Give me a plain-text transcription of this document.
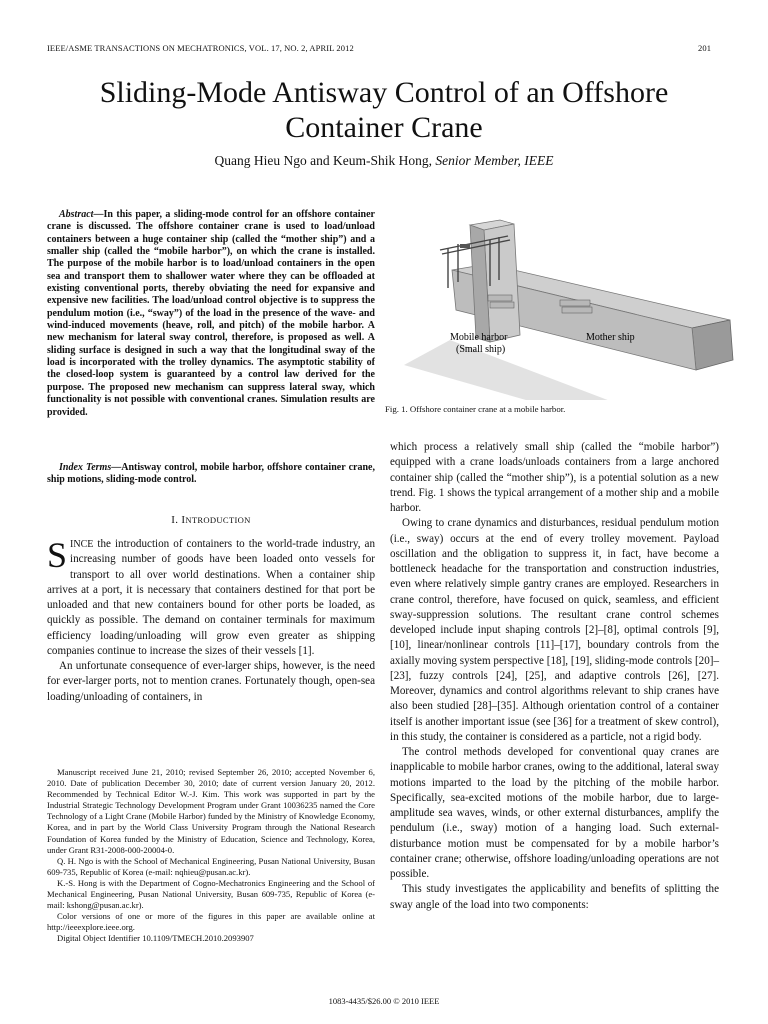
IEEE/ASME TRANSACTIONS ON MECHATRONICS, VOL. 17, NO. 2, APRIL 2012	201
Sliding-Mode Antisway Control of an Offshore
Container Crane
Quang Hieu Ngo and Keum-Shik Hong, Senior Member, IEEE
Abstract—In this paper, a sliding-mode control for an offshore container crane is discussed. The offshore container crane is used to load/unload containers between a huge container ship (called the “mother ship”) and a smaller ship (called the “mobile harbor”), on which the crane is installed. The purpose of the mobile harbor is to load/unload containers in the open sea and transport them to shallower water where they can be offloaded at existing conventional ports, thereby obviating the need for expansive and expensive new facilities. The load/unload control objective is to suppress the pendulum motion (i.e., “sway”) of the load in the presence of the wave- and wind-induced movements (heave, roll, and pitch) of the mobile harbor. A new mechanism for lateral sway control, therefore, is proposed as well. A sliding surface is designed in such a way that the longitudinal sway of the load is incorporated with the trolley dynamics. The asymptotic stability of the closed-loop system is guaranteed by a control law derived for the purpose. The proposed new mechanism can suppress lateral sway, which functionality is not possible with conventional cranes. Simulation results are provided.
Index Terms—Antisway control, mobile harbor, offshore container crane, ship motions, sliding-mode control.
I. INTRODUCTION

SINCE the introduction of containers to the world-trade industry, an increasing number of goods have been loaded onto vessels for transport to all over world destinations. When a container ship arrives at a port, it is necessary that containers destined for that port be unloaded and that new containers bound for other ports be loaded, as quickly as possible. The demand on container terminals for maximum efficiency loading/unloading will grow even greater as shipping companies continue to increase the sizes of their vessels [1].

An unfortunate consequence of ever-larger ships, however, is the need for ever-larger ports, not to mention cranes. Fortunately though, open-sea loading/unloading of containers, in

Manuscript received June 21, 2010; revised September 26, 2010; accepted November 6, 2010. Date of publication December 30, 2010; date of current version January 20, 2012. Recommended by Technical Editor W.-J. Kim. This work was supported in part by the Industrial Strategic Technology Development Program under Grant 10036235 named the Core Technology of a Light Crane (Mobile Harbor) funded by the Ministry of Knowledge Economy, Korea, and in part by the World Class University Program through the National Research Foundation of Korea funded by the Ministry of Education, Science and Technology, Korea, under Grant R31-2008-000-20004-0.

Q. H. Ngo is with the School of Mechanical Engineering, Pusan National University, Busan 609-735, Republic of Korea (e-mail: nqhieu@pusan.ac.kr).

K.-S. Hong is with the Department of Cogno-Mechatronics Engineering and the School of Mechanical Engineering, Pusan National University, Busan 609-735, Republic of Korea (e-mail: kshong@pusan.ac.kr).

Color versions of one or more of the figures in this paper are available online at http://ieeexplore.ieee.org.

Digital Object Identifier 10.1109/TMECH.2010.2093907

Mobile harbor
(Small ship)
Mother ship
Fig. 1. Offshore container crane at a mobile harbor.

which process a relatively small ship (called the “mobile harbor”) equipped with a crane loads/unloads containers from a large anchored container ship (called the “mother ship”), is a potential solution as a new trend. Fig. 1 shows the typical arrangement of a mother ship and a mobile harbor.

Owing to crane dynamics and disturbances, residual pendulum motion (i.e., sway) occurs at the end of every trolley movement. Payload oscillation and the obligation to suppress it, in fact, have become a bottleneck headache for the transportation and construction industries, even where relatively simple gantry cranes are employed. Researchers in crane control, therefore, have focused on quick, seamless, and efficient sway-suppression solutions. The resultant crane control schemes developed include input shaping controls [2]–[8], optimal controls [9], [10], linear/nonlinear controls [11]–[17], boundary controls from the axially moving system perspective [18], [19], sliding-mode controls [20]–[23], fuzzy controls [24], [25], and adaptive controls [26], [27]. Moreover, dynamics and control algorithms relevant to ship cranes have also been studied [28]–[35]. Although orientation control of a container itself is another important issue (see [36] for a treatment of skew control), in this study, the container is considered as a particle, not a rigid body.

The control methods developed for conventional quay cranes are inapplicable to mobile harbor cranes, owing to the additional, lateral sway motions imparted to the load by the pitching of the mobile harbor. Specifically, sea-excited motions of the mobile harbor, due to large-amplitude sea waves, winds, or other external disturbances, amplify the pendulum (i.e., sway) motion of a hanging load. Such external-disturbance motion must be compensated for by a mobile harbor’s container crane; otherwise, offshore loading/unloading operations are not possible.

This study investigates the applicability and benefits of splitting the sway angle of the load into two components:

1083-4435/$26.00 © 2010 IEEE
